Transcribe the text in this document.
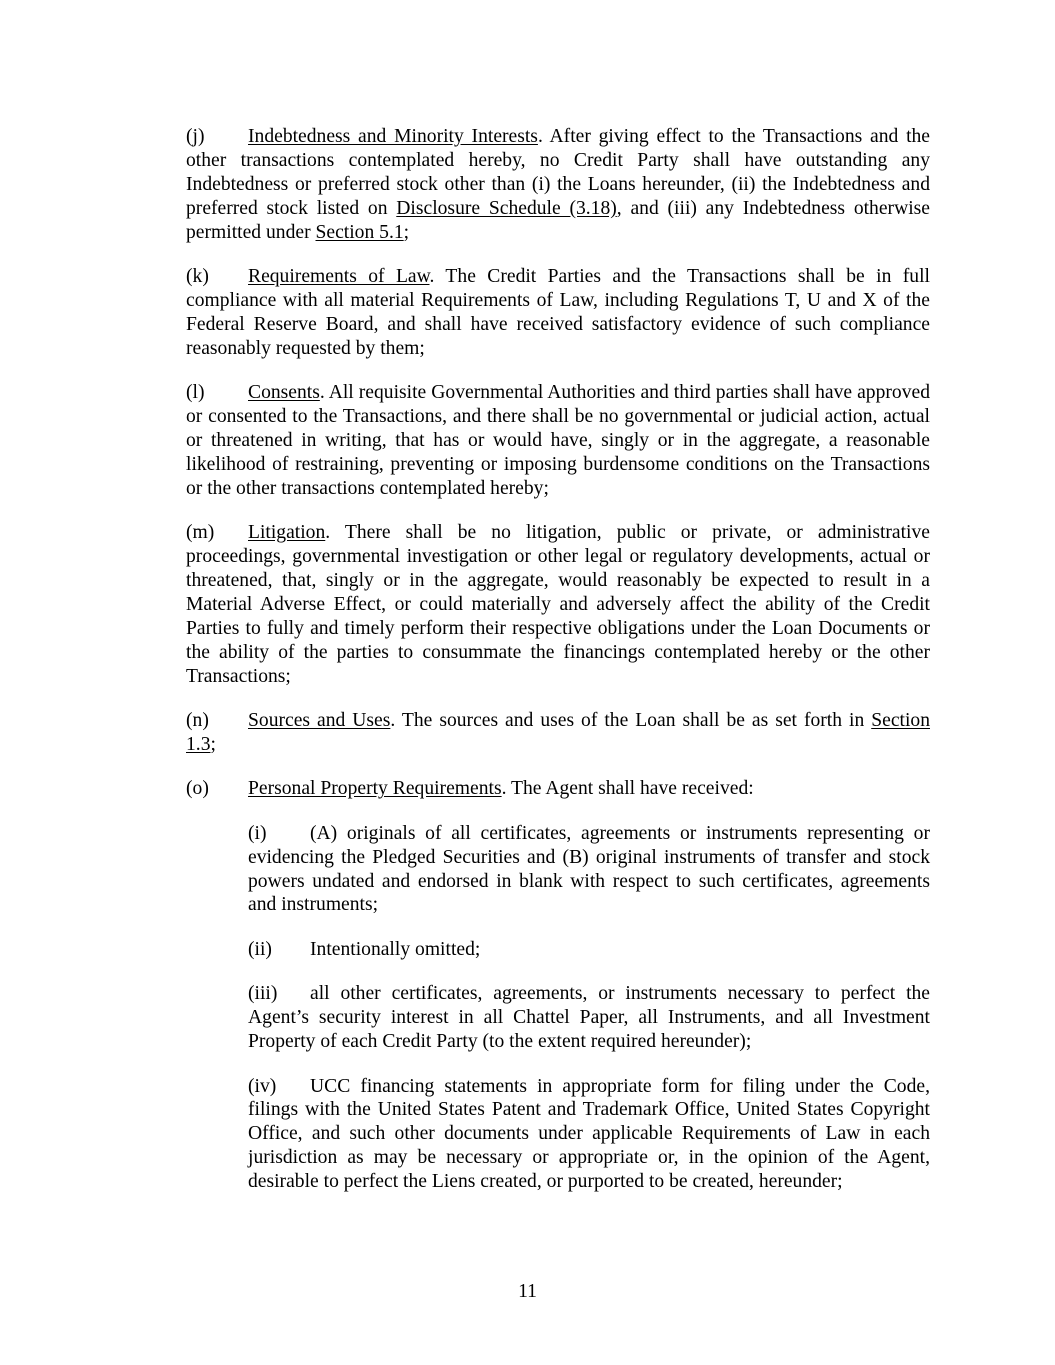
(j) Indebtedness and Minority Interests. After giving effect to the Transactions and the other transactions contemplated hereby, no Credit Party shall have outstanding any Indebtedness or preferred stock other than (i) the Loans hereunder, (ii) the Indebtedness and preferred stock listed on Disclosure Schedule (3.18), and (iii) any Indebtedness otherwise permitted under Section 5.1;

(k) Requirements of Law. The Credit Parties and the Transactions shall be in full compliance with all material Requirements of Law, including Regulations T, U and X of the Federal Reserve Board, and shall have received satisfactory evidence of such compliance reasonably requested by them;

(l) Consents. All requisite Governmental Authorities and third parties shall have approved or consented to the Transactions, and there shall be no governmental or judicial action, actual or threatened in writing, that has or would have, singly or in the aggregate, a reasonable likelihood of restraining, preventing or imposing burdensome conditions on the Transactions or the other transactions contemplated hereby;

(m) Litigation. There shall be no litigation, public or private, or administrative proceedings, governmental investigation or other legal or regulatory developments, actual or threatened, that, singly or in the aggregate, would reasonably be expected to result in a Material Adverse Effect, or could materially and adversely affect the ability of the Credit Parties to fully and timely perform their respective obligations under the Loan Documents or the ability of the parties to consummate the financings contemplated hereby or the other Transactions;

(n) Sources and Uses. The sources and uses of the Loan shall be as set forth in Section 1.3;

(o) Personal Property Requirements. The Agent shall have received:

(i) (A) originals of all certificates, agreements or instruments representing or evidencing the Pledged Securities and (B) original instruments of transfer and stock powers undated and endorsed in blank with respect to such certificates, agreements and instruments;

(ii) Intentionally omitted;

(iii) all other certificates, agreements, or instruments necessary to perfect the Agent’s security interest in all Chattel Paper, all Instruments, and all Investment Property of each Credit Party (to the extent required hereunder);

(iv) UCC financing statements in appropriate form for filing under the Code, filings with the United States Patent and Trademark Office, United States Copyright Office, and such other documents under applicable Requirements of Law in each jurisdiction as may be necessary or appropriate or, in the opinion of the Agent, desirable to perfect the Liens created, or purported to be created, hereunder;

11
